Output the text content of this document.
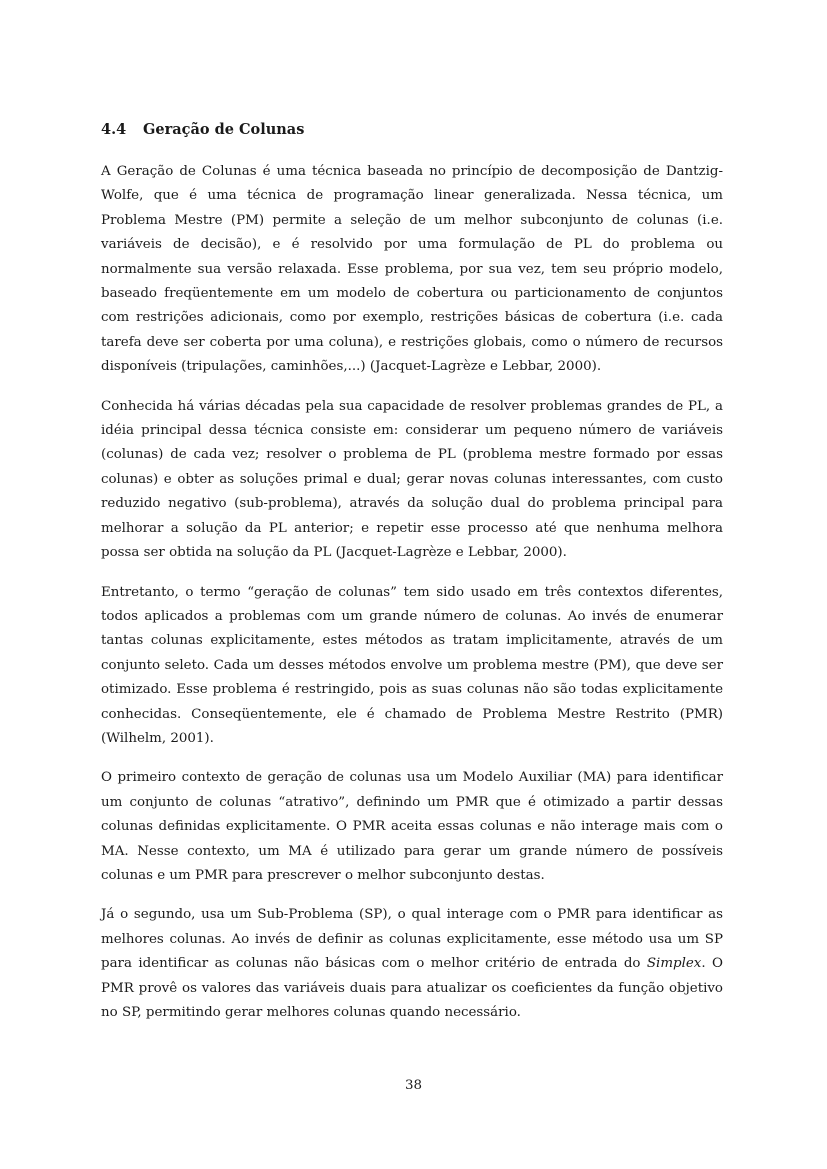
4.4 Geração de Colunas

A Geração de Colunas é uma técnica baseada no princípio de decomposição de Dantzig-Wolfe, que é uma técnica de programação linear generalizada. Nessa técnica, um Problema Mestre (PM) permite a seleção de um melhor subconjunto de colunas (i.e. variáveis de decisão), e é resolvido por uma formulação de PL do problema ou normalmente sua versão relaxada. Esse problema, por sua vez, tem seu próprio modelo, baseado freqüentemente em um modelo de cobertura ou particionamento de conjuntos com restrições adicionais, como por exemplo, restrições básicas de cobertura (i.e. cada tarefa deve ser coberta por uma coluna), e restrições globais, como o número de recursos disponíveis (tripulações, caminhões,...) (Jacquet-Lagrèze e Lebbar, 2000).

Conhecida há várias décadas pela sua capacidade de resolver problemas grandes de PL, a idéia principal dessa técnica consiste em: considerar um pequeno número de variáveis (colunas) de cada vez; resolver o problema de PL (problema mestre formado por essas colunas) e obter as soluções primal e dual; gerar novas colunas interessantes, com custo reduzido negativo (sub-problema), através da solução dual do problema principal para melhorar a solução da PL anterior; e repetir esse processo até que nenhuma melhora possa ser obtida na solução da PL (Jacquet-Lagrèze e Lebbar, 2000).

Entretanto, o termo “geração de colunas” tem sido usado em três contextos diferentes, todos aplicados a problemas com um grande número de colunas. Ao invés de enumerar tantas colunas explicitamente, estes métodos as tratam implicitamente, através de um conjunto seleto. Cada um desses métodos envolve um problema mestre (PM), que deve ser otimizado. Esse problema é restringido, pois as suas colunas não são todas explicitamente conhecidas. Conseqüentemente, ele é chamado de Problema Mestre Restrito (PMR) (Wilhelm, 2001).

O primeiro contexto de geração de colunas usa um Modelo Auxiliar (MA) para identificar um conjunto de colunas “atrativo”, definindo um PMR que é otimizado a partir dessas colunas definidas explicitamente. O PMR aceita essas colunas e não interage mais com o MA. Nesse contexto, um MA é utilizado para gerar um grande número de possíveis colunas e um PMR para prescrever o melhor subconjunto destas.

Já o segundo, usa um Sub-Problema (SP), o qual interage com o PMR para identificar as melhores colunas. Ao invés de definir as colunas explicitamente, esse método usa um SP para identificar as colunas não básicas com o melhor critério de entrada do Simplex. O PMR provê os valores das variáveis duais para atualizar os coeficientes da função objetivo no SP, permitindo gerar melhores colunas quando necessário.

38
